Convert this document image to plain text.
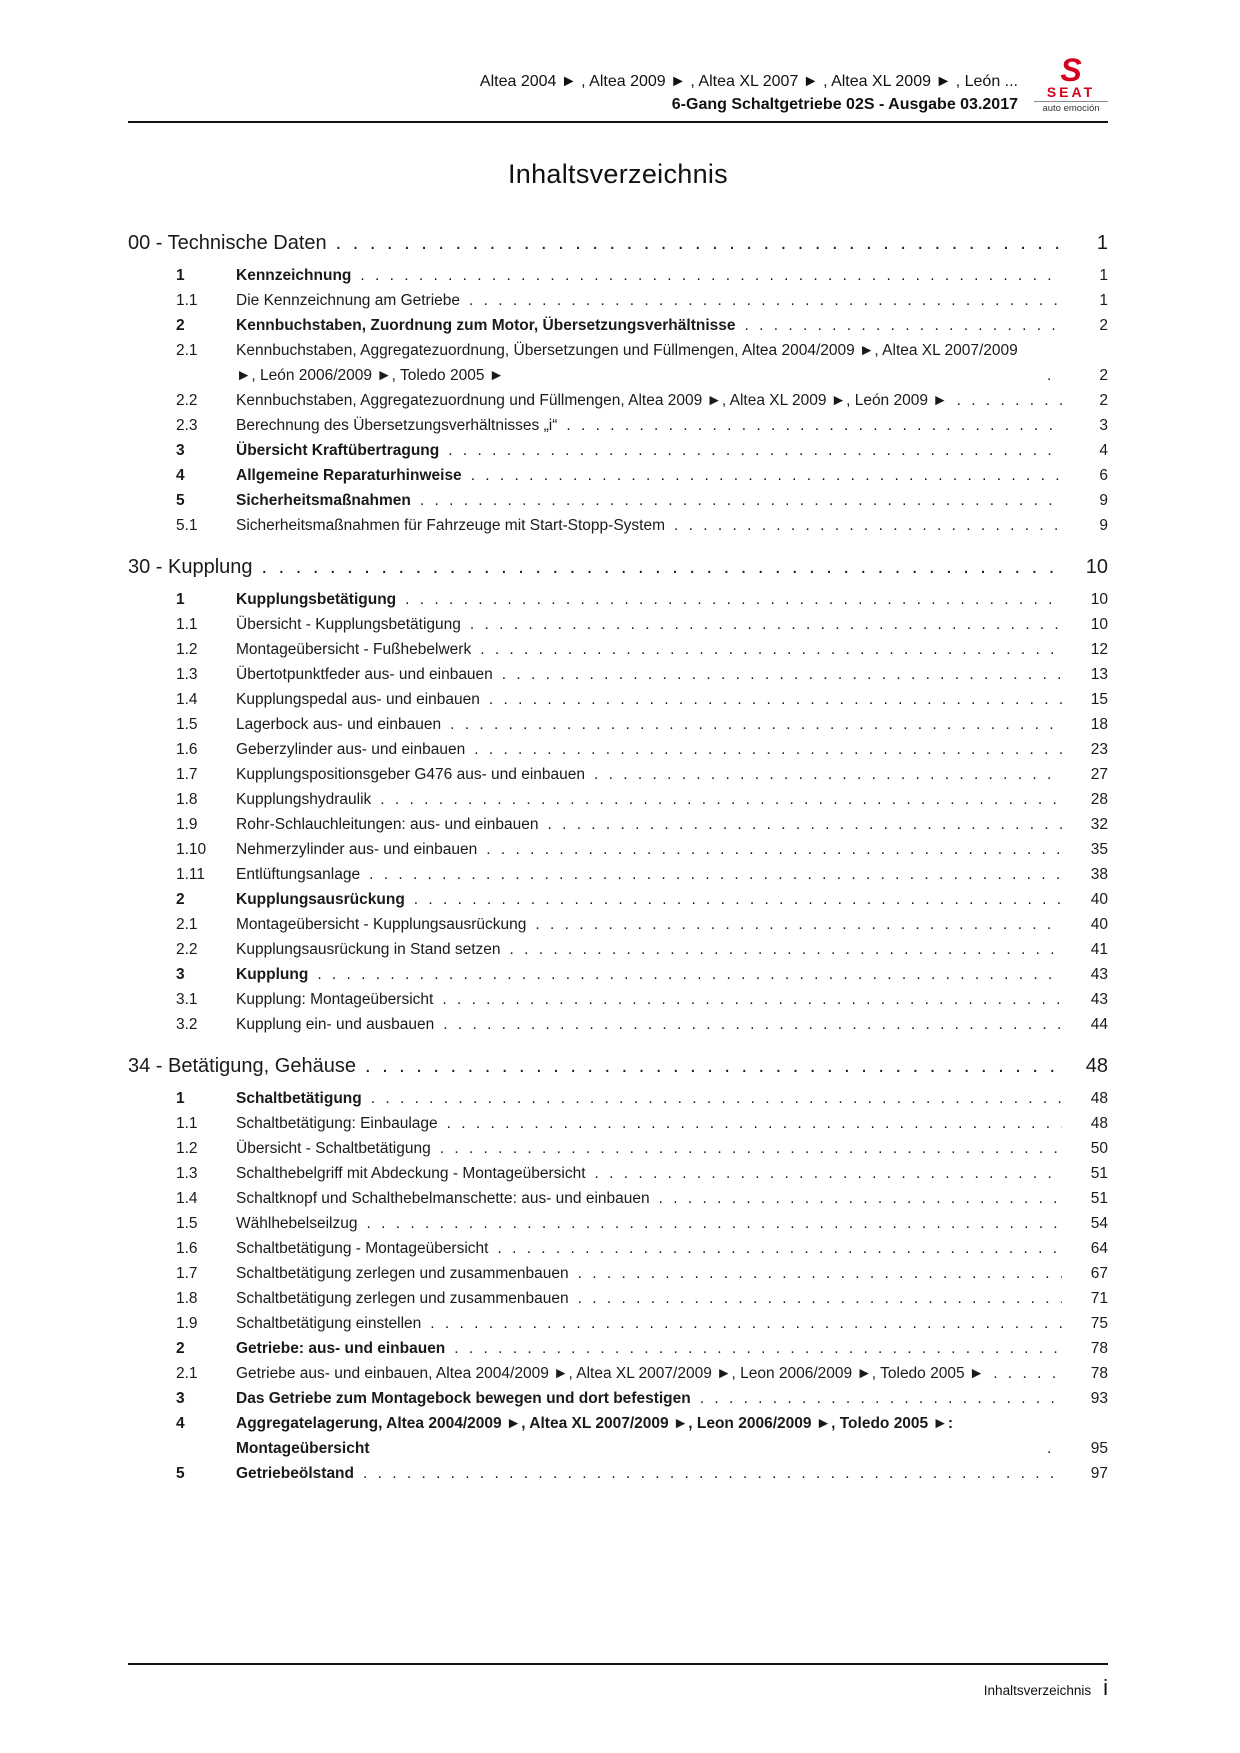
Altea 2004 ► , Altea 2009 ► , Altea XL 2007 ► , Altea XL 2009 ► , León ...
6-Gang Schaltgetriebe 02S - Ausgabe 03.2017
S
SEAT
auto emoción
Inhaltsverzeichnis
00 - Technische Daten . . .	1
1	Kennzeichnung . . .	1
1.1	Die Kennzeichnung am Getriebe . . .	1
2	Kennbuchstaben, Zuordnung zum Motor, Übersetzungsverhältnisse . . .	2
2.1	Kennbuchstaben, Aggregatezuordnung, Übersetzungen und Füllmengen, Altea 2004/2009 ►, Altea XL 2007/2009 ►, León 2006/2009 ►, Toledo 2005 ► . . .	2
2.2	Kennbuchstaben, Aggregatezuordnung und Füllmengen, Altea 2009 ►, Altea XL 2009 ►, León 2009 ► . . .	2
2.3	Berechnung des Übersetzungsverhältnisses „i“ . . .	3
3	Übersicht Kraftübertragung . . .	4
4	Allgemeine Reparaturhinweise . . .	6
5	Sicherheitsmaßnahmen . . .	9
5.1	Sicherheitsmaßnahmen für Fahrzeuge mit Start-Stopp-System . . .	9
30 - Kupplung . . .	10
1	Kupplungsbetätigung . . .	10
1.1	Übersicht - Kupplungsbetätigung . . .	10
1.2	Montageübersicht - Fußhebelwerk . . .	12
1.3	Übertotpunktfeder aus- und einbauen . . .	13
1.4	Kupplungspedal aus- und einbauen . . .	15
1.5	Lagerbock aus- und einbauen . . .	18
1.6	Geberzylinder aus- und einbauen . . .	23
1.7	Kupplungspositionsgeber G476 aus- und einbauen . . .	27
1.8	Kupplungshydraulik . . .	28
1.9	Rohr-Schlauchleitungen: aus- und einbauen . . .	32
1.10	Nehmerzylinder aus- und einbauen . . .	35
1.11	Entlüftungsanlage . . .	38
2	Kupplungsausrückung . . .	40
2.1	Montageübersicht - Kupplungsausrückung . . .	40
2.2	Kupplungsausrückung in Stand setzen . . .	41
3	Kupplung . . .	43
3.1	Kupplung: Montageübersicht . . .	43
3.2	Kupplung ein- und ausbauen . . .	44
34 - Betätigung, Gehäuse . . .	48
1	Schaltbetätigung . . .	48
1.1	Schaltbetätigung: Einbaulage . . .	48
1.2	Übersicht - Schaltbetätigung . . .	50
1.3	Schalthebelgriff mit Abdeckung - Montageübersicht . . .	51
1.4	Schaltknopf und Schalthebelmanschette: aus- und einbauen . . .	51
1.5	Wählhebelseilzug . . .	54
1.6	Schaltbetätigung - Montageübersicht . . .	64
1.7	Schaltbetätigung zerlegen und zusammenbauen . . .	67
1.8	Schaltbetätigung zerlegen und zusammenbauen . . .	71
1.9	Schaltbetätigung einstellen . . .	75
2	Getriebe: aus- und einbauen . . .	78
2.1	Getriebe aus- und einbauen, Altea 2004/2009 ►, Altea XL 2007/2009 ►, Leon 2006/2009 ►, Toledo 2005 ► . . .	78
3	Das Getriebe zum Montagebock bewegen und dort befestigen . . .	93
4	Aggregatelagerung, Altea 2004/2009 ►, Altea XL 2007/2009 ►, Leon 2006/2009 ►, Toledo 2005 ►: Montageübersicht . . .	95
5	Getriebeölstand . . .	97
Inhaltsverzeichnis i
